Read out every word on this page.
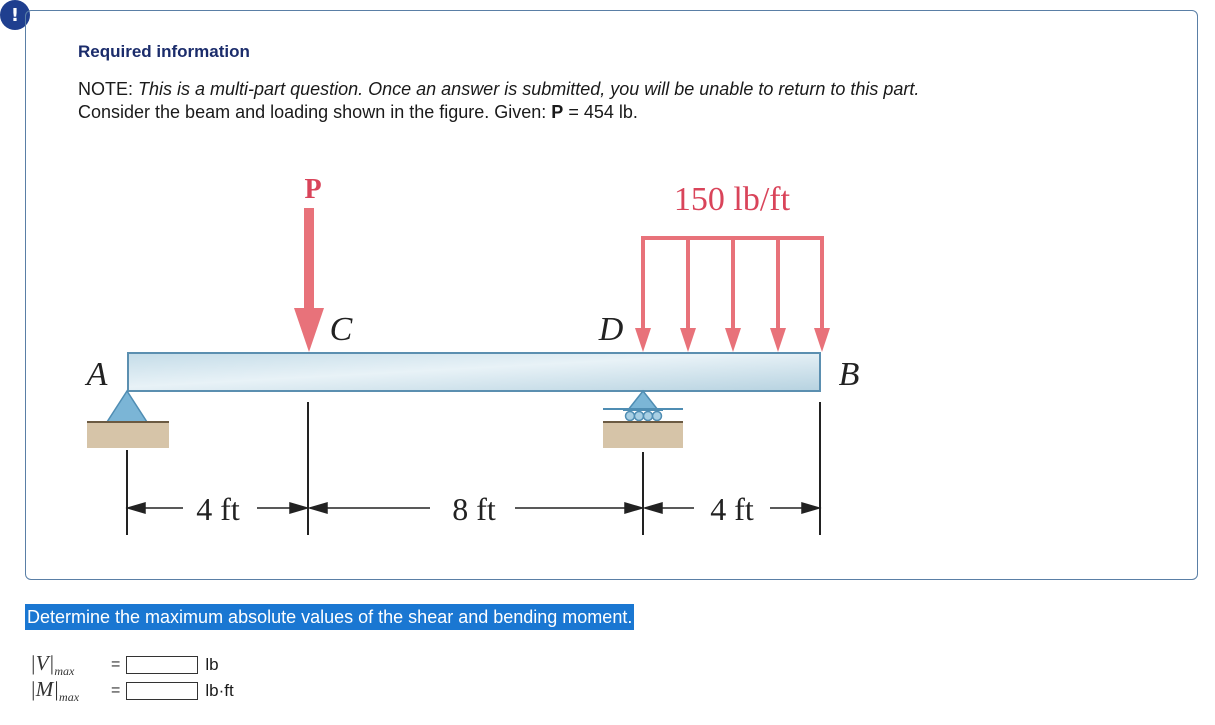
!
Required information
NOTE: This is a multi-part question. Once an answer is submitted, you will be unable to return to this part.
Consider the beam and loading shown in the figure. Given: P = 454 lb.
P	150 lb/ft
A	B
C	D
4 ft	8 ft	4 ft
Determine the maximum absolute values of the shear and bending moment.
$|V|_{max}$	=	lb
$|M|_{max}$	=	lb·ft
